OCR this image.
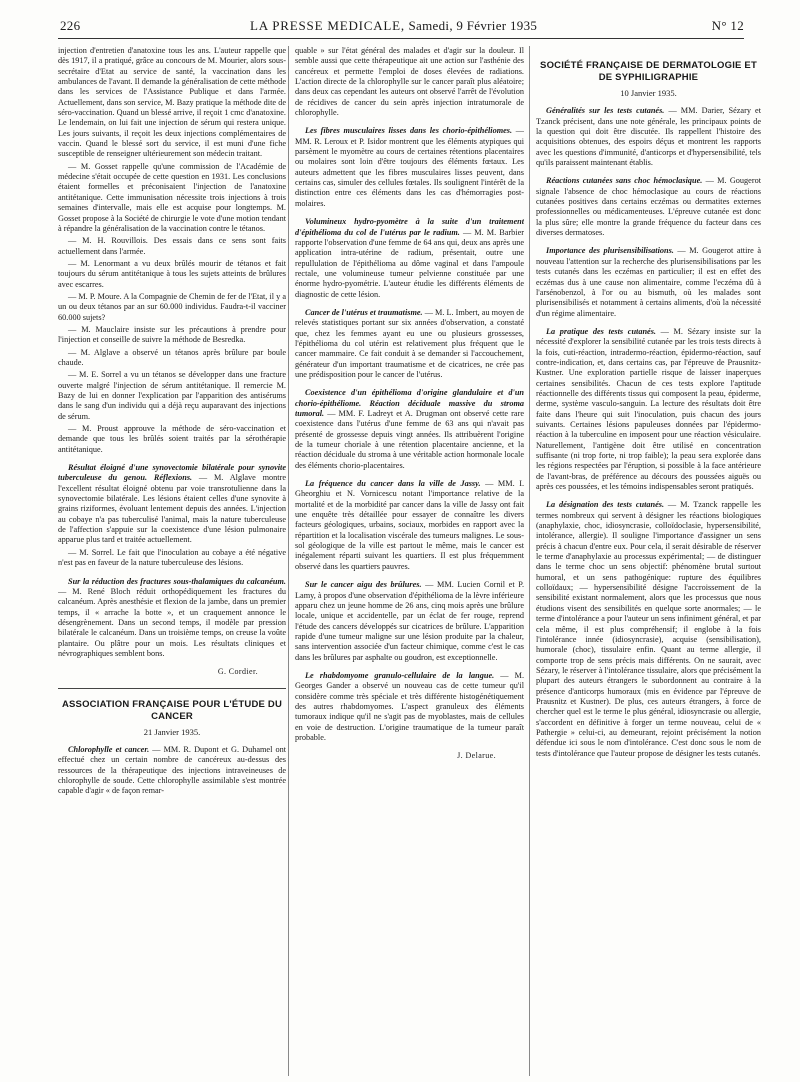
226	LA PRESSE MEDICALE, Samedi, 9 Février 1935	N° 12

injection d'entretien d'anatoxine tous les ans. L'auteur rappelle que dès 1917, il a pratiqué, grâce au concours de M. Mourier, alors sous-secrétaire d'Etat au service de santé, la vaccination dans les ambulances de l'avant. Il demande la généralisation de cette méthode dans les services de l'Assistance Publique et dans l'armée. Actuellement, dans son service, M. Bazy pratique la méthode dite de séro-vaccination. Quand un blessé arrive, il reçoit 1 cmc d'anatoxine. Le lendemain, on lui fait une injection de sérum qui restera unique. Les jours suivants, il reçoit les deux injections complémentaires de vaccin. Quand le blessé sort du service, il est muni d'une fiche susceptible de renseigner ultérieurement son médecin traitant.

— M. Gosset rappelle qu'une commission de l'Académie de médecine s'était occupée de cette question en 1931. Les conclusions étaient formelles et préconisaient l'injection de l'anatoxine antitétanique. Cette immunisation nécessite trois injections à trois semaines d'intervalle, mais elle est acquise pour longtemps. M. Gosset propose à la Société de chirurgie le vote d'une motion tendant à répandre la généralisation de la vaccination contre le tétanos.

— M. H. Rouvillois. Des essais dans ce sens sont faits actuellement dans l'armée.

— M. Lenormant a vu deux brûlés mourir de tétanos et fait toujours du sérum antitétanique à tous les sujets atteints de brûlures avec escarres.

— M. P. Moure. A la Compagnie de Chemin de fer de l'Etat, il y a un ou deux tétanos par an sur 60.000 individus. Faudra-t-il vacciner 60.000 sujets?

— M. Mauclaire insiste sur les précautions à prendre pour l'injection et conseille de suivre la méthode de Besredka.

— M. Alglave a observé un tétanos après brûlure par boule chaude.

— M. E. Sorrel a vu un tétanos se développer dans une fracture ouverte malgré l'injection de sérum antitétanique. Il remercie M. Bazy de lui en donner l'explication par l'apparition des antisérums dans le sang d'un individu qui a déjà reçu auparavant des injections de sérum.

— M. Proust approuve la méthode de séro-vaccination et demande que tous les brûlés soient traités par la sérothérapie antitétanique.

Résultat éloigné d'une synovectomie bilatérale pour synovite tuberculeuse du genou. Réflexions. — M. Alglave montre l'excellent résultat éloigné obtenu par voie transrotulienne dans la synovectomie bilatérale. Les lésions étaient celles d'une synovite à grains riziformes, évoluant lentement depuis des années. L'injection au cobaye n'a pas tuberculisé l'animal, mais la nature tuberculeuse de l'affection s'appuie sur la coexistence d'une lésion pulmonaire apparue plus tard et traitée actuellement.

— M. Sorrel. Le fait que l'inoculation au cobaye a été négative n'est pas en faveur de la nature tuberculeuse des lésions.

Sur la réduction des fractures sous-thalamiques du calcanéum. — M. René Bloch réduit orthopédiquement les fractures du calcanéum. Après anesthésie et flexion de la jambe, dans un premier temps, il « arrache la botte », et un craquement annonce le désengrènement. Dans un second temps, il modèle par pression bilatérale le calcanéum. Dans un troisième temps, on creuse la voûte plantaire. Ou plâtre pour un mois. Les résultats cliniques et névrographiques semblent bons.

G. Cordier.
ASSOCIATION FRANÇAISE POUR L'ÉTUDE DU CANCER
21 Janvier 1935.

Chlorophylle et cancer. — MM. R. Dupont et G. Duhamel ont effectué chez un certain nombre de cancéreux au-dessus des ressources de la thérapeutique des injections intraveineuses de chlorophylle de soude. Cette chlorophylle assimilable s'est montrée capable d'agir « de façon remar-

quable » sur l'état général des malades et d'agir sur la douleur. Il semble aussi que cette thérapeutique ait une action sur l'asthénie des cancéreux et permette l'emploi de doses élevées de radiations. L'action directe de la chlorophylle sur le cancer paraît plus aléatoire; dans deux cas cependant les auteurs ont observé l'arrêt de l'évolution de récidives de cancer du sein après injection intratumorale de chlorophylle.

Les fibres musculaires lisses dans les chorio-épithéliomes. — MM. R. Leroux et P. Isidor montrent que les éléments atypiques qui parsèment le myomètre au cours de certaines rétentions placentaires ou molaires sont loin d'être toujours des éléments fœtaux. Les auteurs admettent que les fibres musculaires lisses peuvent, dans certains cas, simuler des cellules fœtales. Ils soulignent l'intérêt de la distinction entre ces éléments dans les cas d'hémorragies post-molaires.

Volumineux hydro-pyomètre à la suite d'un traitement d'épithélioma du col de l'utérus par le radium. — M. M. Barbier rapporte l'observation d'une femme de 64 ans qui, deux ans après une application intra-utérine de radium, présentait, outre une repullulation de l'épithélioma au dôme vaginal et dans l'ampoule rectale, une volumineuse tumeur pelvienne constituée par une énorme hydro-pyométrie. L'auteur étudie les différents éléments de diagnostic de cette lésion.

Cancer de l'utérus et traumatisme. — M. L. Imbert, au moyen de relevés statistiques portant sur six années d'observation, a constaté que, chez les femmes ayant eu une ou plusieurs grossesses, l'épithélioma du col utérin est relativement plus fréquent que le cancer mammaire. Ce fait conduit à se demander si l'accouchement, générateur d'un important traumatisme et de cicatrices, ne crée pas une prédisposition pour le cancer de l'utérus.

Coexistence d'un épithélioma d'origine glandulaire et d'un chorio-épithéliome. Réaction déciduale massive du stroma tumoral. — MM. F. Ladreyt et A. Drugman ont observé cette rare coexistence dans l'utérus d'une femme de 63 ans qui n'avait pas présenté de grossesse depuis vingt années. Ils attribuèrent l'origine de la tumeur choriale à une rétention placentaire ancienne, et la réaction déciduale du stroma à une véritable action hormonale locale des éléments chorio-placentaires.

La fréquence du cancer dans la ville de Jassy. — MM. I. Gheorghiu et N. Vornicescu notant l'importance relative de la mortalité et de la morbidité par cancer dans la ville de Jassy ont fait une enquête très détaillée pour essayer de connaître les divers facteurs géologiques, urbains, sociaux, morbides en rapport avec la répartition et la localisation viscérale des tumeurs malignes. Le sous-sol géologique de la ville est partout le même, mais le cancer est inégalement réparti suivant les quartiers. Il est plus fréquemment observé dans les quartiers pauvres.

Sur le cancer aigu des brûlures. — MM. Lucien Cornil et P. Lamy, à propos d'une observation d'épithélioma de la lèvre inférieure apparu chez un jeune homme de 26 ans, cinq mois après une brûlure locale, unique et accidentelle, par un éclat de fer rouge, reprend l'étude des cancers développés sur cicatrices de brûlure. L'apparition rapide d'une tumeur maligne sur une lésion produite par la chaleur, sans intervention associée d'un facteur chimique, comme c'est le cas dans les brûlures par asphalte ou goudron, est exceptionnelle.

Le rhabdomyome granulo-cellulaire de la langue. — M. Georges Gander a observé un nouveau cas de cette tumeur qu'il considère comme très spéciale et très différente histogénétiquement des autres rhabdomyomes. L'aspect granuleux des éléments tumoraux indique qu'il ne s'agit pas de myoblastes, mais de cellules en voie de destruction. L'origine traumatique de la tumeur paraît probable.

J. Delarue.
SOCIÉTÉ FRANÇAISE DE DERMATOLOGIE ET DE SYPHILIGRAPHIE
10 Janvier 1935.

Généralités sur les tests cutanés. — MM. Darier, Sézary et Tzanck précisent, dans une note générale, les principaux points de la question qui doit être discutée. Ils rappellent l'histoire des acquisitions obtenues, des espoirs déçus et montrent les rapports avec les questions d'immunité, d'anticorps et d'hypersensibilité, tels qu'ils paraissent maintenant établis.

Réactions cutanées sans choc hémoclasique. — M. Gougerot signale l'absence de choc hémoclasique au cours de réactions cutanées positives dans certains eczémas ou dermatites externes professionnelles ou médicamenteuses. L'épreuve cutanée est donc la plus sûre; elle montre la grande fréquence du facteur dans ces diverses dermatoses.

Importance des plurisensibilisations. — M. Gougerot attire à nouveau l'attention sur la recherche des plurisensibilisations par les tests cutanés dans les eczémas en particulier; il est en effet des eczémas dus à une cause non alimentaire, comme l'eczéma dû à l'arsénobenzol, à l'or ou au bismuth, où les malades sont plurisensibilisés et notamment à certains aliments, d'où la nécessité d'un régime alimentaire.

La pratique des tests cutanés. — M. Sézary insiste sur la nécessité d'explorer la sensibilité cutanée par les trois tests directs à la fois, cuti-réaction, intradermo-réaction, épidermo-réaction, sauf contre-indication, et, dans certains cas, par l'épreuve de Prausnitz-Kustner. Une exploration partielle risque de laisser inaperçues certaines sensibilités. Chacun de ces tests explore l'aptitude réactionnelle des différents tissus qui composent la peau, épiderme, derme, système vasculo-sanguin. La lecture des résultats doit être faite dans l'heure qui suit l'inoculation, puis chacun des jours suivants. Certaines lésions papuleuses données par l'épidermo-réaction à la tuberculine en imposent pour une réaction vésiculaire. Naturellement, l'antigène doit être utilisé en concentration suffisante (ni trop forte, ni trop faible); la peau sera explorée dans les régions respectées par l'éruption, si possible à la face antérieure de l'avant-bras, de préférence au décours des poussées aiguës ou après ces poussées, et les témoins indispensables seront pratiqués.

La désignation des tests cutanés. — M. Tzanck rappelle les termes nombreux qui servent à désigner les réactions biologiques (anaphylaxie, choc, idiosyncrasie, colloïdoclasie, hypersensibilité, intolérance, allergie). Il souligne l'importance d'assigner un sens précis à chacun d'entre eux. Pour cela, il serait désirable de réserver le terme d'anaphylaxie au processus expérimental; — de distinguer dans le terme choc un sens objectif: phénomène brutal surtout humoral, et un sens pathogénique: rupture des équilibres colloïdaux; — hypersensibilité désigne l'accroissement de la sensibilité existant normalement, alors que les processus que nous étudions visent des sensibilités en quelque sorte anormales; — le terme d'intolérance a pour l'auteur un sens infiniment général, et par cela même, il est plus compréhensif; il englobe à la fois l'intolérance innée (idiosyncrasie), acquise (sensibilisation), humorale (choc), tissulaire enfin. Quant au terme allergie, il comporte trop de sens précis mais différents. On ne saurait, avec Sézary, le réserver à l'intolérance tissulaire, alors que précisément la plupart des auteurs étrangers le subordonnent au contraire à la présence d'anticorps humoraux (mis en évidence par l'épreuve de Prausnitz et Kustner). De plus, ces auteurs étrangers, à force de chercher quel est le terme le plus général, idiosyncrasie ou allergie, s'accordent en définitive à forger un terme nouveau, celui de « Pathergie » celui-ci, au demeurant, rejoint précisément la notion défendue ici sous le nom d'intolérance. C'est donc sous le nom de tests d'intolérance que l'auteur propose de désigner les tests cutanés.
